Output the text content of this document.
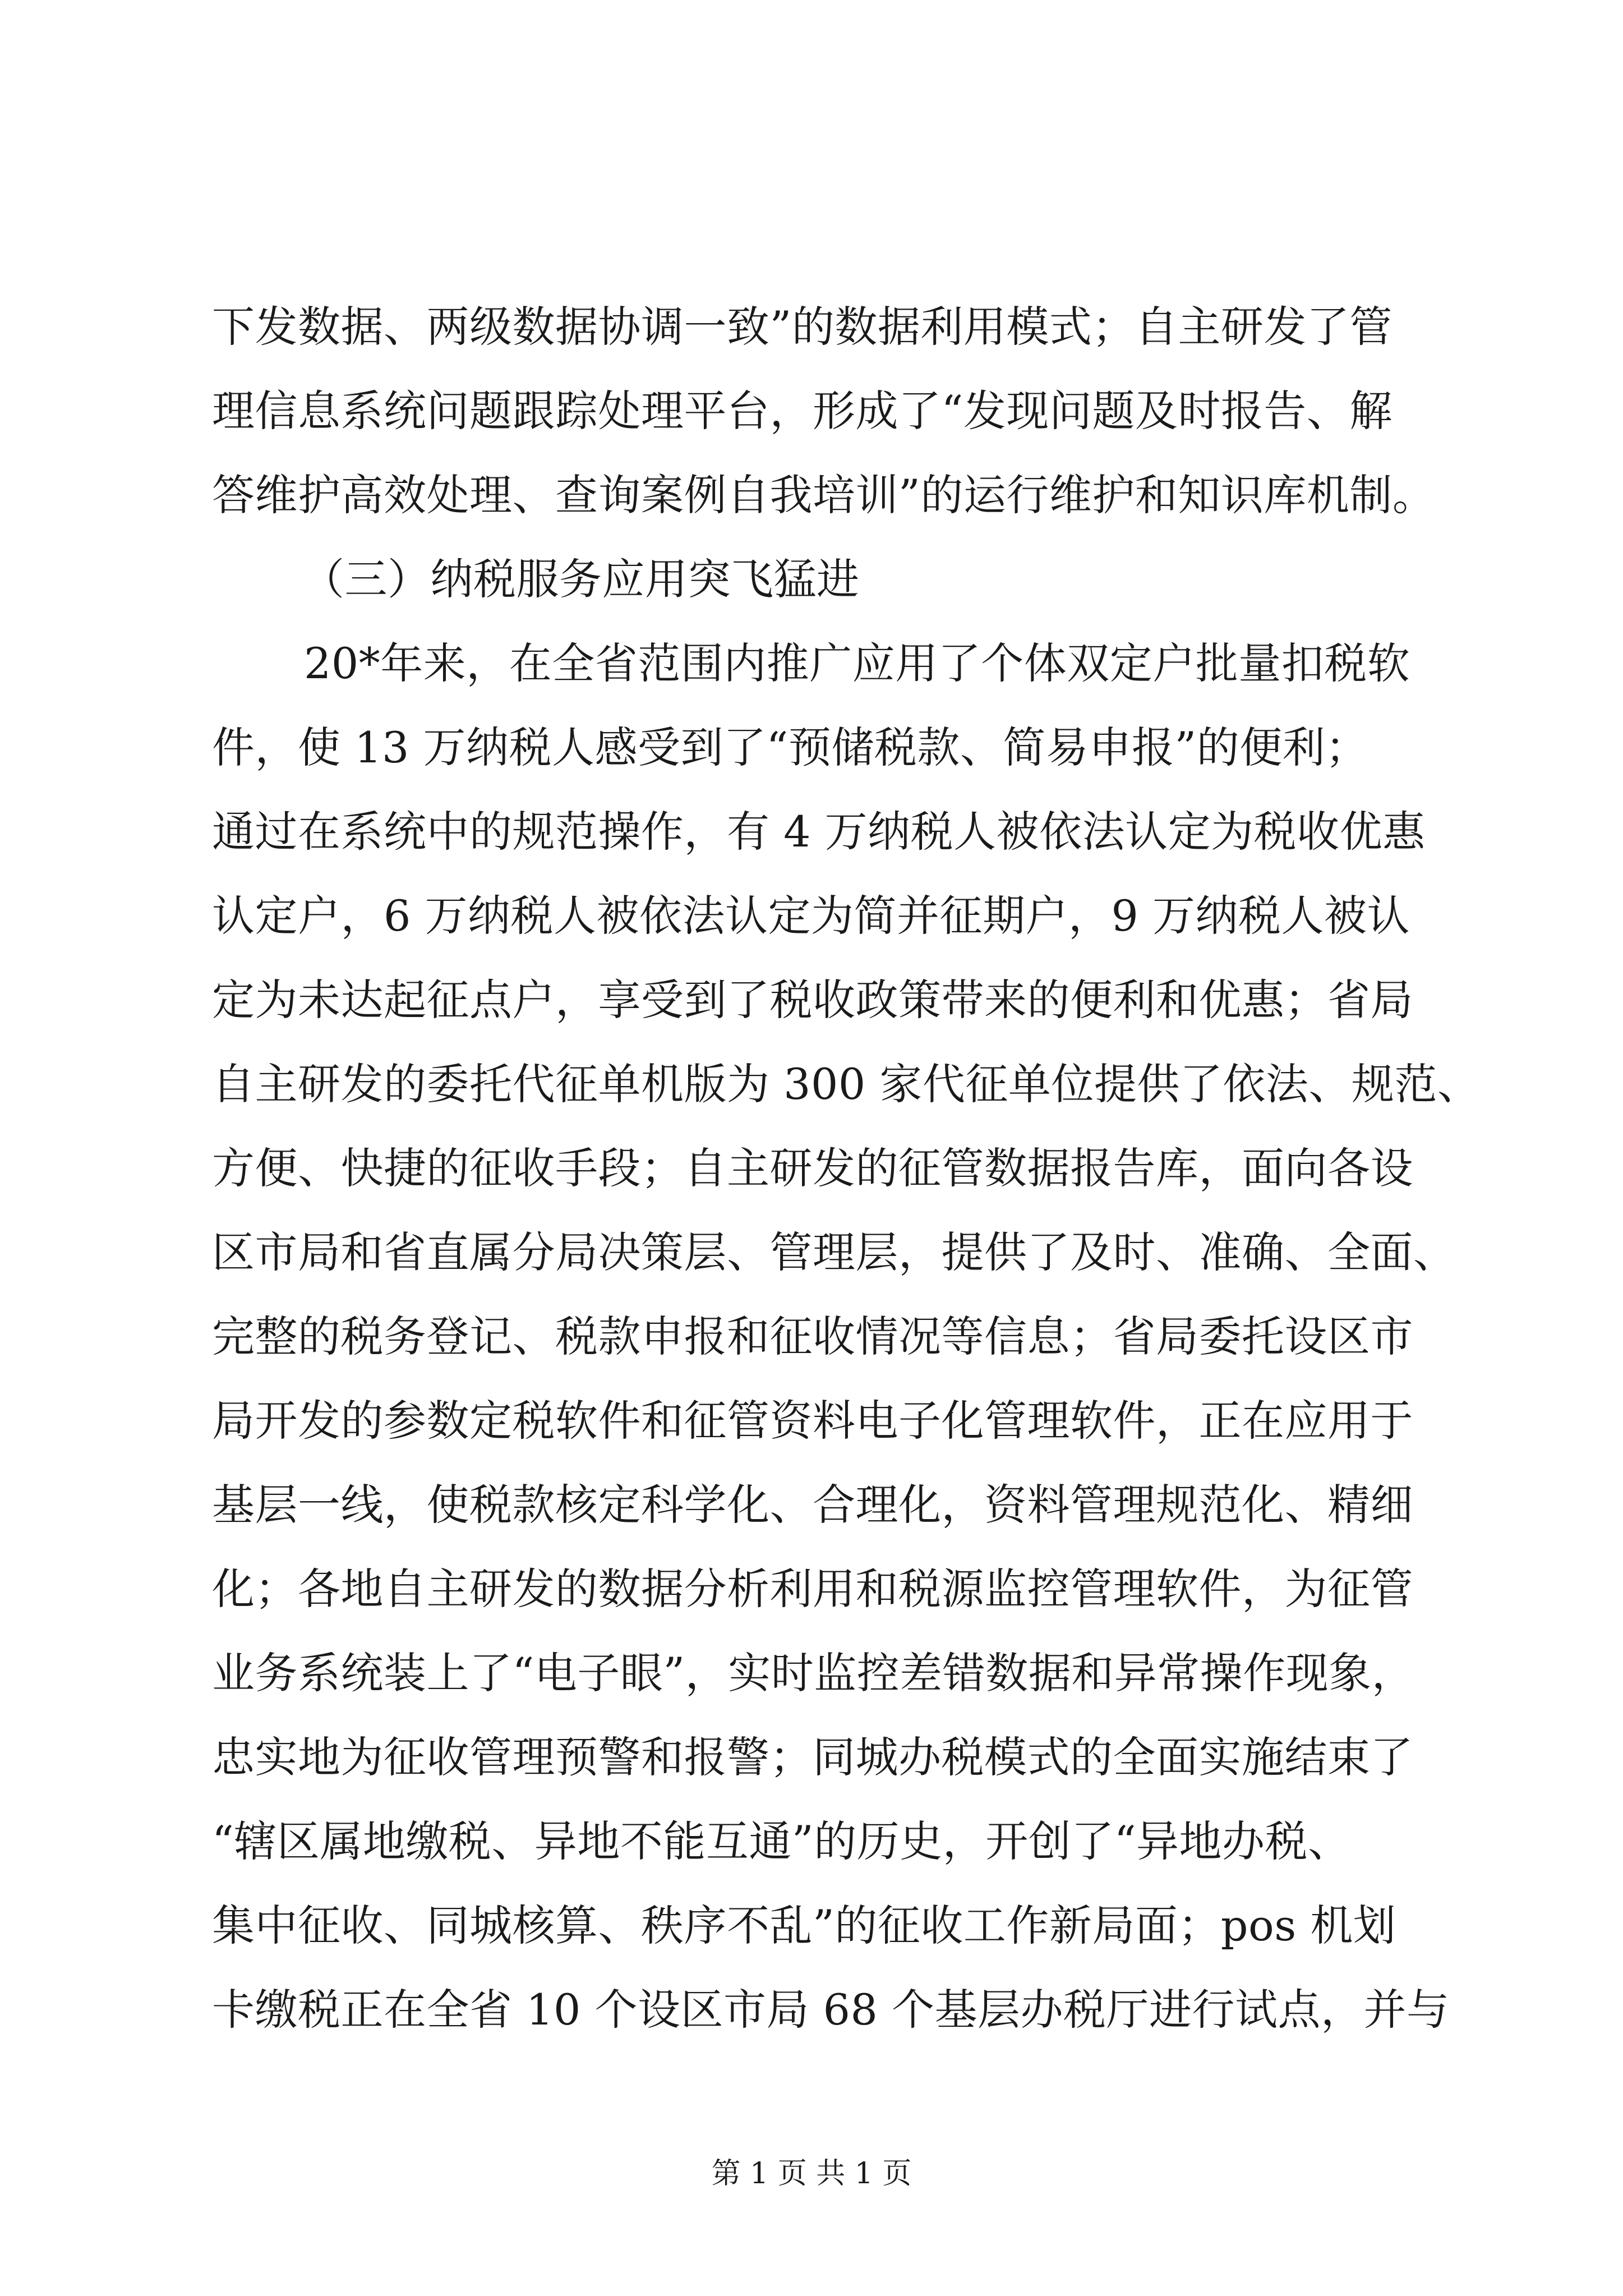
下发数据、两级数据协调一致”的数据利用模式；自主研发了管
理信息系统问题跟踪处理平台，形成了“发现问题及时报告、解
答维护高效处理、查询案例自我培训”的运行维护和知识库机制。
（三）纳税服务应用突飞猛进
20*年来，在全省范围内推广应用了个体双定户批量扣税软
件，使 13 万纳税人感受到了“预储税款、简易申报”的便利；
通过在系统中的规范操作，有 4 万纳税人被依法认定为税收优惠
认定户，6 万纳税人被依法认定为简并征期户，9 万纳税人被认
定为未达起征点户，享受到了税收政策带来的便利和优惠；省局
自主研发的委托代征单机版为 300 家代征单位提供了依法、规范、
方便、快捷的征收手段；自主研发的征管数据报告库，面向各设
区市局和省直属分局决策层、管理层，提供了及时、准确、全面、
完整的税务登记、税款申报和征收情况等信息；省局委托设区市
局开发的参数定税软件和征管资料电子化管理软件，正在应用于
基层一线，使税款核定科学化、合理化，资料管理规范化、精细
化；各地自主研发的数据分析利用和税源监控管理软件，为征管
业务系统装上了“电子眼”，实时监控差错数据和异常操作现象，
忠实地为征收管理预警和报警；同城办税模式的全面实施结束了
“辖区属地缴税、异地不能互通”的历史，开创了“异地办税、
集中征收、同城核算、秩序不乱”的征收工作新局面；pos 机划
卡缴税正在全省 10 个设区市局 68 个基层办税厅进行试点，并与
第 1 页 共 1 页
